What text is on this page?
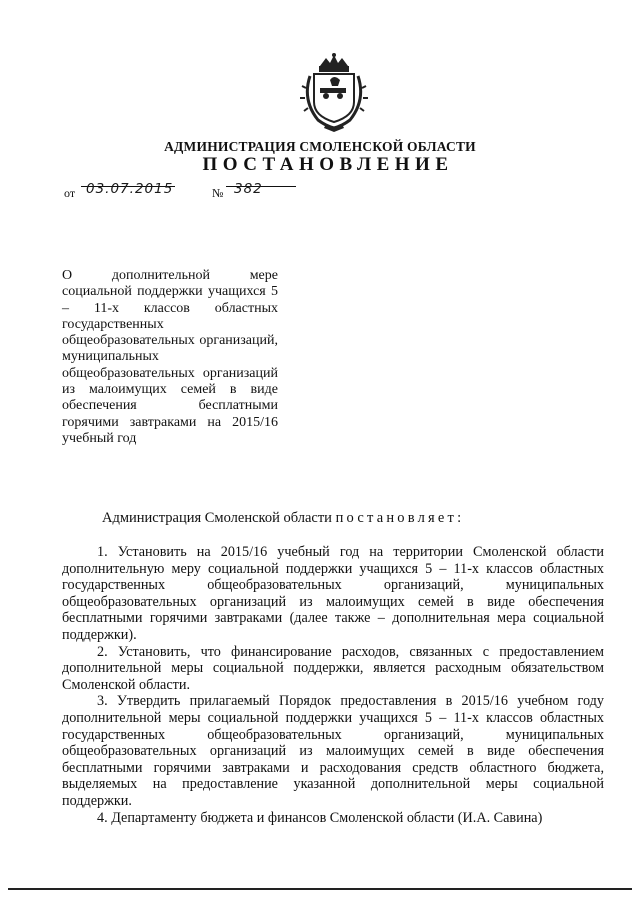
АДМИНИСТРАЦИЯ СМОЛЕНСКОЙ ОБЛАСТИ
ПОСТАНОВЛЕНИЕ
от 03.07.2015	№ 382
О дополнительной мере социальной поддержки учащихся 5 – 11-х классов областных государственных общеобразовательных организаций, муниципальных общеобразовательных организаций из малоимущих семей в виде обеспечения бесплатными горячими завтраками на 2015/16 учебный год
Администрация Смоленской области постановляет:

1. Установить на 2015/16 учебный год на территории Смоленской области дополнительную меру социальной поддержки учащихся 5 – 11-х классов областных государственных общеобразовательных организаций, муниципальных общеобразовательных организаций из малоимущих семей в виде обеспечения бесплатными горячими завтраками (далее также – дополнительная мера социальной поддержки).

2. Установить, что финансирование расходов, связанных с предоставлением дополнительной меры социальной поддержки, является расходным обязательством Смоленской области.

3. Утвердить прилагаемый Порядок предоставления в 2015/16 учебном году дополнительной меры социальной поддержки учащихся 5 – 11-х классов областных государственных общеобразовательных организаций, муниципальных общеобразовательных организаций из малоимущих семей в виде обеспечения бесплатными горячими завтраками и расходования средств областного бюджета, выделяемых на предоставление указанной дополнительной меры социальной поддержки.

4. Департаменту бюджета и финансов Смоленской области (И.А. Савина)
